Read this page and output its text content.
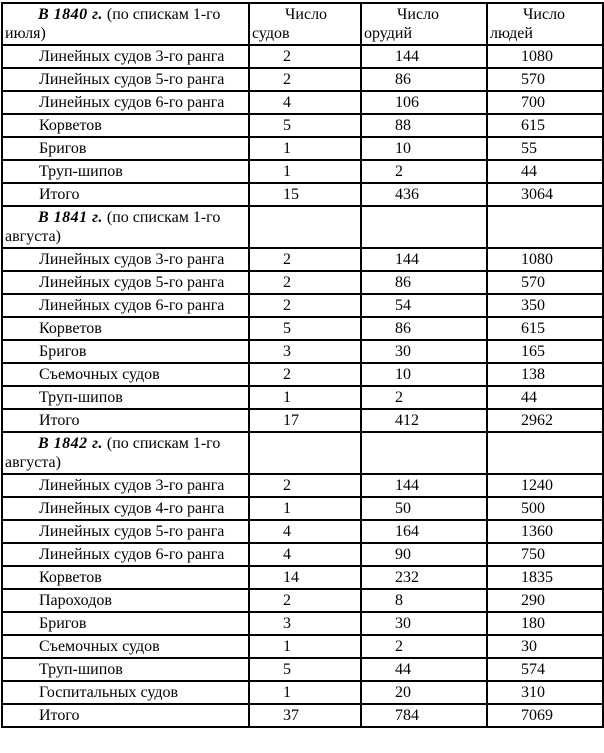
В 1840 г. (по спискам 1-го июля)	Число судов	Число орудий	Число людей
Линейных судов 3-го ранга	2	144	1080
Линейных судов 5-го ранга	2	86	570
Линейных судов 6-го ранга	4	106	700
Корветов	5	88	615
Бригов	1	10	55
Труп-шипов	1	2	44
Итого	15	436	3064
В 1841 г. (по спискам 1-го августа)			
Линейных судов 3-го ранга	2	144	1080
Линейных судов 5-го ранга	2	86	570
Линейных судов 6-го ранга	2	54	350
Корветов	5	86	615
Бригов	3	30	165
Съемочных судов	2	10	138
Труп-шипов	1	2	44
Итого	17	412	2962
В 1842 г. (по спискам 1-го августа)			
Линейных судов 3-го ранга	2	144	1240
Линейных судов 4-го ранга	1	50	500
Линейных судов 5-го ранга	4	164	1360
Линейных судов 6-го ранга	4	90	750
Корветов	14	232	1835
Пароходов	2	8	290
Бригов	3	30	180
Съемочных судов	1	2	30
Труп-шипов	5	44	574
Госпитальных судов	1	20	310
Итого	37	784	7069
